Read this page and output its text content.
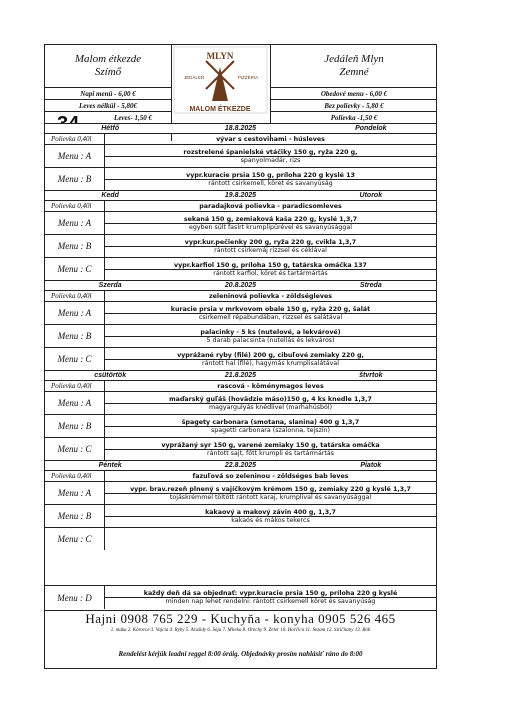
Malom étkezde
Szímő
Napi menü - 6,00 €
Leves nélkül - 5,80€
Leves- 1,50 €
MLYN
JEDÁLEŇ	PIZZÉRIA
MALOM ÉTKEZDE
Jedáleň Mlyn
Zemné
Obedové menu - 6,00 €
Bez polievky - 5,80 €
Polievka -1,50 €
Hétfő	18.8.2025	Pondelok
Polievka 0,40l	vývar s cestovinami - húsleves
Menu : A	rozstrelené španielské vtáčiky 150 g, ryža 220 g,
spanyolmadár, rizs
Menu : B	vypr.kuracie prsia 150 g, príloha 220 g kyslé 13
rántott csirkemell, köret és savanyúság
Kedd	19.8.2025	Utorok
Polievka 0,40l	paradajková polievka - paradicsomleves
Menu : A	sekaná 150 g, zemiaková kaša 220 g, kyslé 1,3,7
egyben sült fasírt krumplipürével és savanyúsággal
Menu : B	vypr.kur.pečienky 200 g, ryža 220 g, cvikla 1,3,7
rántott csirkemáj rizzsel és céklával
Menu : C	vypr.karfiol 150 g, príloha 150 g, tatárska omáčka 137
rántott karfiol, köret és tartármártás
Szerda	20.8.2025	Streda
Polievka 0,40l	zeleninová polievka - zöldségleves
Menu : A	kuracie prsia v mrkvovom obale 150 g, ryža 220 g, šalát
csirkemell répabundában, rizzsel és salátával
Menu : B	palacinky - 5 ks (nutelové, a lekvárové)
5 darab palacsinta (nutellás és lekváros)
Menu : C	vyprážané ryby (filé) 200 g, cibuľové zemiaky 220 g,
rántott hal (filé), hagymás krumplisalátával
csütörtök	21.8.2025	štvrtok
Polievka 0,40l	rascová - köménymagos leves
Menu : A	maďarský guľáš (hovädzie mäso)150 g, 4 ks knedle 1,3,7
magyargulyás knédlivel (marhahúsból)
Menu : B	špagety carbonara (smotana, slanina) 400 g 1,3,7
spagetti carbonara (szalonna, tejszín)
Menu : C	vyprážaný syr 150 g, varené zemiaky 150 g, tatárska omáčka
rántott sajt, főtt krumpli és tartármártás
Péntek	22.8.2025	Piatok
Polievka 0,40l	fazuľová so zeleninou - zöldséges bab leves
Menu : A	vypr. brav.rezeň plnený s vajíčkovým krémom 150 g, zemiaky 220 g kyslé 1,3,7
tojáskrémmel töltött rántott karaj, krumplival és savanyúsággal
Menu : B	kakaový a makový závin 400 g, 1,3,7
kakaós és mákos tekercs
Menu : C
Menu : D	každý deň dá sa objednať: vypr.kuracie prsia 150 g, príloha 220 g kyslé
minden nap lehet rendelni: rántott csirkemell köret és savanyúság
Hajni 0908 765 229 - Kuchyňa - konyha 0905 526 465
1. múka 2. Kôrovce 3. Vajcia 4. Ryby 5. Arašidy 6. Sója 7. Mlieko 8. Orechy 9. Zeler 10. Horčica 11. Sezam 12. Siričitany 13. Bôb
Rendelést kérjük leadni reggel 8:00 óráig. Objednávky prosím nahlásiť ráno do 8:00
